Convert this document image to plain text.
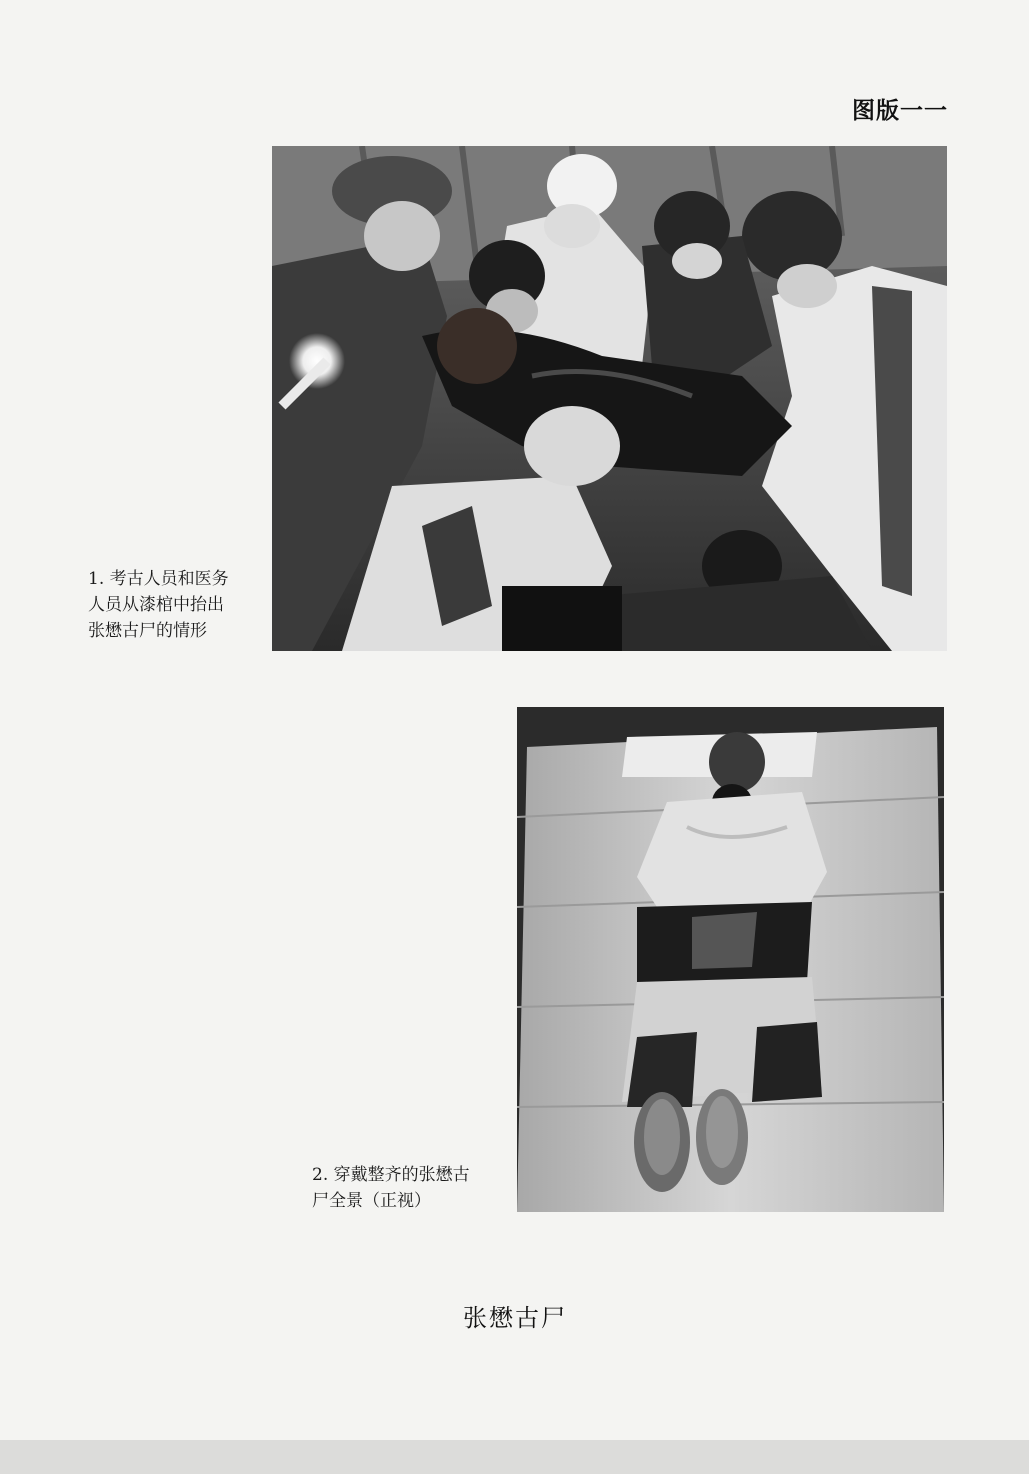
图版一一
1. 考古人员和医务
人员从漆棺中抬出
张懋古尸的情形
2. 穿戴整齐的张懋古
尸全景（正视）
张懋古尸
